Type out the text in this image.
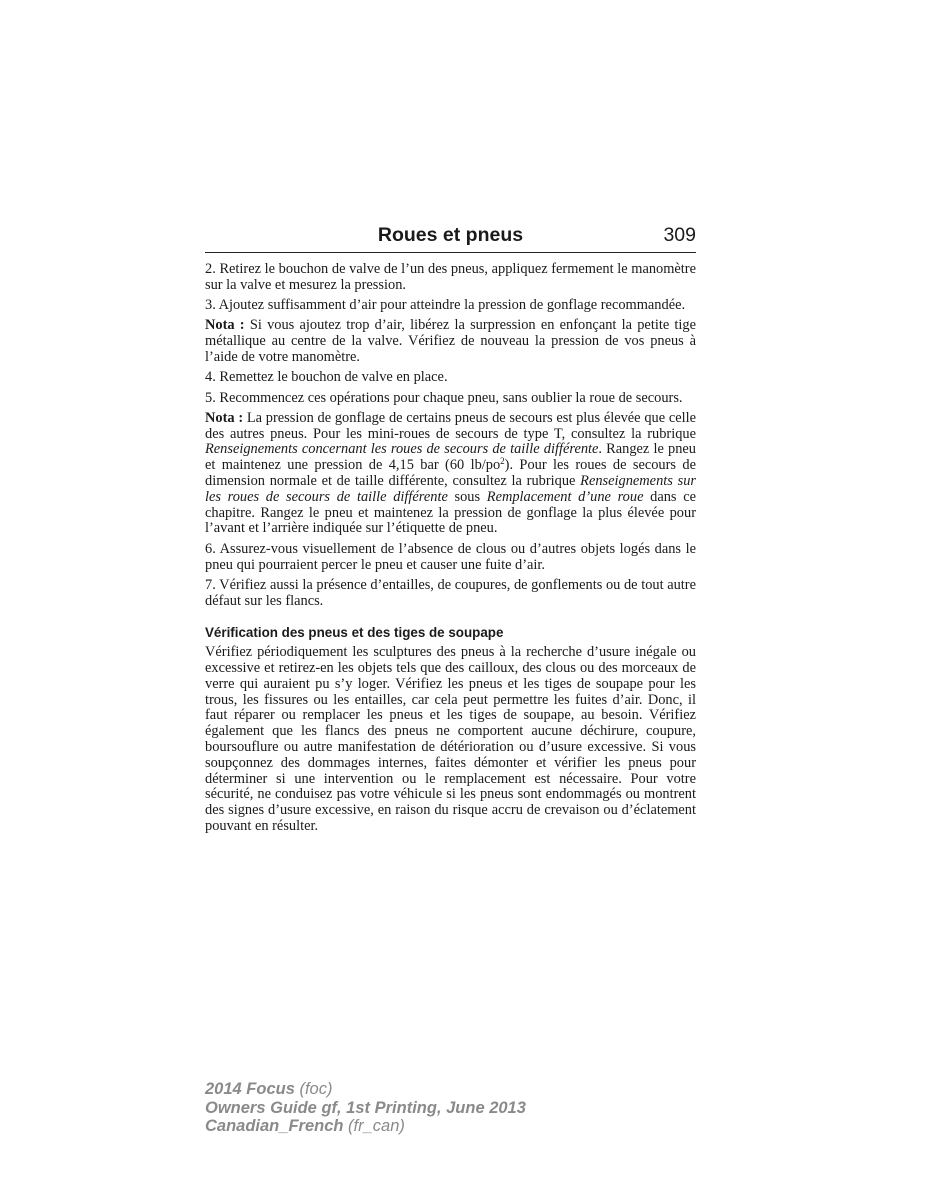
Roues et pneus	309

2. Retirez le bouchon de valve de l’un des pneus, appliquez fermement le manomètre sur la valve et mesurez la pression.

3. Ajoutez suffisamment d’air pour atteindre la pression de gonflage recommandée.

Nota : Si vous ajoutez trop d’air, libérez la surpression en enfonçant la petite tige métallique au centre de la valve. Vérifiez de nouveau la pression de vos pneus à l’aide de votre manomètre.

4. Remettez le bouchon de valve en place.

5. Recommencez ces opérations pour chaque pneu, sans oublier la roue de secours.

Nota : La pression de gonflage de certains pneus de secours est plus élevée que celle des autres pneus. Pour les mini-roues de secours de type T, consultez la rubrique Renseignements concernant les roues de secours de taille différente. Rangez le pneu et maintenez une pression de 4,15 bar (60 $lb/po^2$). Pour les roues de secours de dimension normale et de taille différente, consultez la rubrique Renseignements sur les roues de secours de taille différente sous Remplacement d’une roue dans ce chapitre. Rangez le pneu et maintenez la pression de gonflage la plus élevée pour l’avant et l’arrière indiquée sur l’étiquette de pneu.

6. Assurez-vous visuellement de l’absence de clous ou d’autres objets logés dans le pneu qui pourraient percer le pneu et causer une fuite d’air.

7. Vérifiez aussi la présence d’entailles, de coupures, de gonflements ou de tout autre défaut sur les flancs.

Vérification des pneus et des tiges de soupape

Vérifiez périodiquement les sculptures des pneus à la recherche d’usure inégale ou excessive et retirez-en les objets tels que des cailloux, des clous ou des morceaux de verre qui auraient pu s’y loger. Vérifiez les pneus et les tiges de soupape pour les trous, les fissures ou les entailles, car cela peut permettre les fuites d’air. Donc, il faut réparer ou remplacer les pneus et les tiges de soupape, au besoin. Vérifiez également que les flancs des pneus ne comportent aucune déchirure, coupure, boursouflure ou autre manifestation de détérioration ou d’usure excessive. Si vous soupçonnez des dommages internes, faites démonter et vérifier les pneus pour déterminer si une intervention ou le remplacement est nécessaire. Pour votre sécurité, ne conduisez pas votre véhicule si les pneus sont endommagés ou montrent des signes d’usure excessive, en raison du risque accru de crevaison ou d’éclatement pouvant en résulter.

2014 Focus (foc)
Owners Guide gf, 1st Printing, June 2013
Canadian_French (fr_can)
